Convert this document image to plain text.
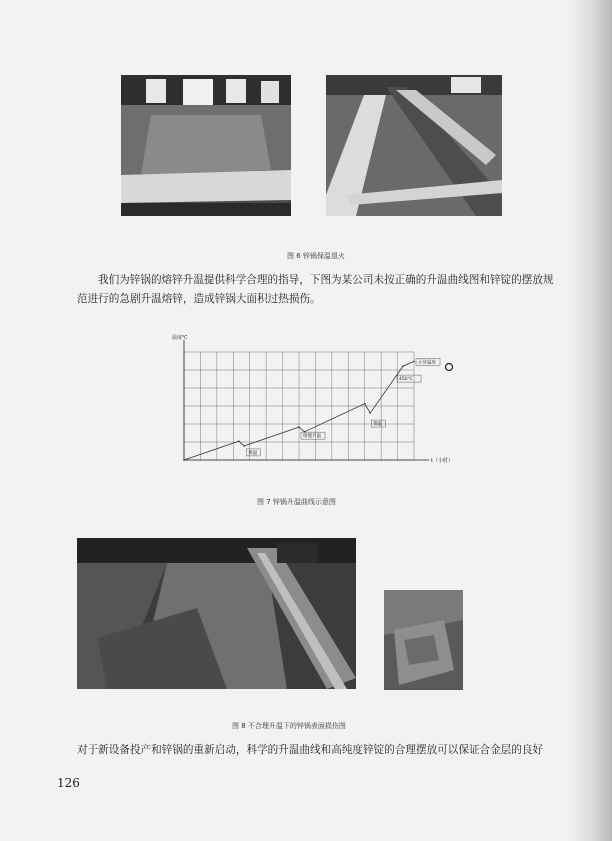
图 6 锌锅保温退火

我们为锌锅的熔锌升温提供科学合理的指导，下图为某公司未按正确的升温曲线图和锌锭的摆放规范进行的急剧升温熔锌，造成锌锅大面积过热损伤。

温度℃
t（小时）
保温
缓慢升温
保温
450℃
正常温度
图 7 锌锅升温曲线示意图
图 8 不合理升温下的锌锅表面损伤图

对于新设备投产和锌锅的重新启动，科学的升温曲线和高纯度锌锭的合理摆放可以保证合金层的良好

126
